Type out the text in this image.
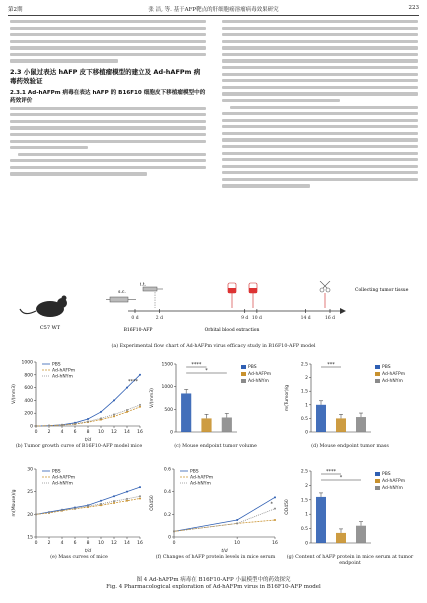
第2期	张 洁, 等. 基于AFP靶点的肝细胞癌溶瘤病毒效果研究	223
2.3 小鼠过表达 hAFP 皮下移植瘤模型的建立及 Ad-hAFPm 病毒药效验证
2.3.1 Ad-hAFPm 病毒在表达 hAFP 的 B16F10 细胞皮下移植瘤模型中的药效评价
C57 WT
s.c.
i.t.
0 d	2 d	9 d 10 d	14 d	16 d
B16F10-AFP	Orbital blood extraction
Collecting tumor tissue
(a) Experimental flow chart of Ad-hAFPm virus efficacy study in B16F10-AFP model
0 2 4 6 8 10 12 14 16
0
200
400
600
800
1000
t/d
V/(mm3)
PBS
Ad-hAFPm
Ad-hNYm
****
0
500
1000
1500
V/(mm3)
****
*
PBS
Ad-hAFPm
Ad-hNYm
0
0.5
1
1.5
2
2.5
m(Tumor)/g
***	PBS
Ad-hAFPm
Ad-hNYm
(b) Tumor growth curve of B16F10-AFP model mice	(c) Mouse endpoint tumor volume	(d) Mouse endpoint tumor mass
0 2 4 6 8 10 12 14 16
15
20
25
30
t/d
m(Mouse)/g
PBS
Ad-hAFPm
Ad-hNYm
0	10	16
0
0.2
0.4
0.6
t/d
OD450
PBS
Ad-hAFPm
Ad-hNYm
*
0
0.5
1
1.5
2
2.5
OD450
****
*
PBS
Ad-hAFPm
Ad-hNYm
(e) Mass curves of mice	(f) Changes of hAFP protein levels in mice serum	(g) Content of hAFP protein in mice serum at tumor endpoint
图 4 Ad-hAFPm 病毒在 B16F10-AFP 小鼠模型中的药效探究
Fig. 4 Pharmacological exploration of Ad-hAFPm virus in B16F10-AFP model
